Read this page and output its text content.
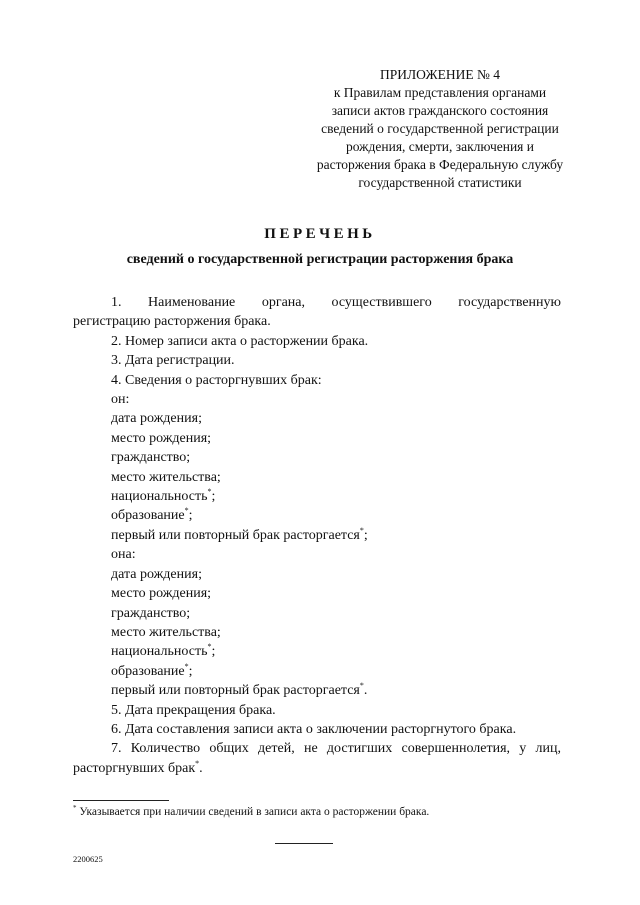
ПРИЛОЖЕНИЕ № 4
к Правилам представления органами
записи актов гражданского состояния
сведений о государственной регистрации
рождения, смерти, заключения и
расторжения брака в Федеральную службу
государственной статистики
ПЕРЕЧЕНЬ
сведений о государственной регистрации расторжения брака
1. Наименование органа, осуществившего государственную
регистрацию расторжения брака.
2. Номер записи акта о расторжении брака.
3. Дата регистрации.
4. Сведения о расторгнувших брак:
он:
дата рождения;
место рождения;
гражданство;
место жительства;
национальность*;
образование*;
первый или повторный брак расторгается*;
она:
дата рождения;
место рождения;
гражданство;
место жительства;
национальность*;
образование*;
первый или повторный брак расторгается*.
5. Дата прекращения брака.
6. Дата составления записи акта о заключении расторгнутого брака.
7. Количество общих детей, не достигших совершеннолетия, у лиц,
расторгнувших брак*.
* Указывается при наличии сведений в записи акта о расторжении брака.
2200625
